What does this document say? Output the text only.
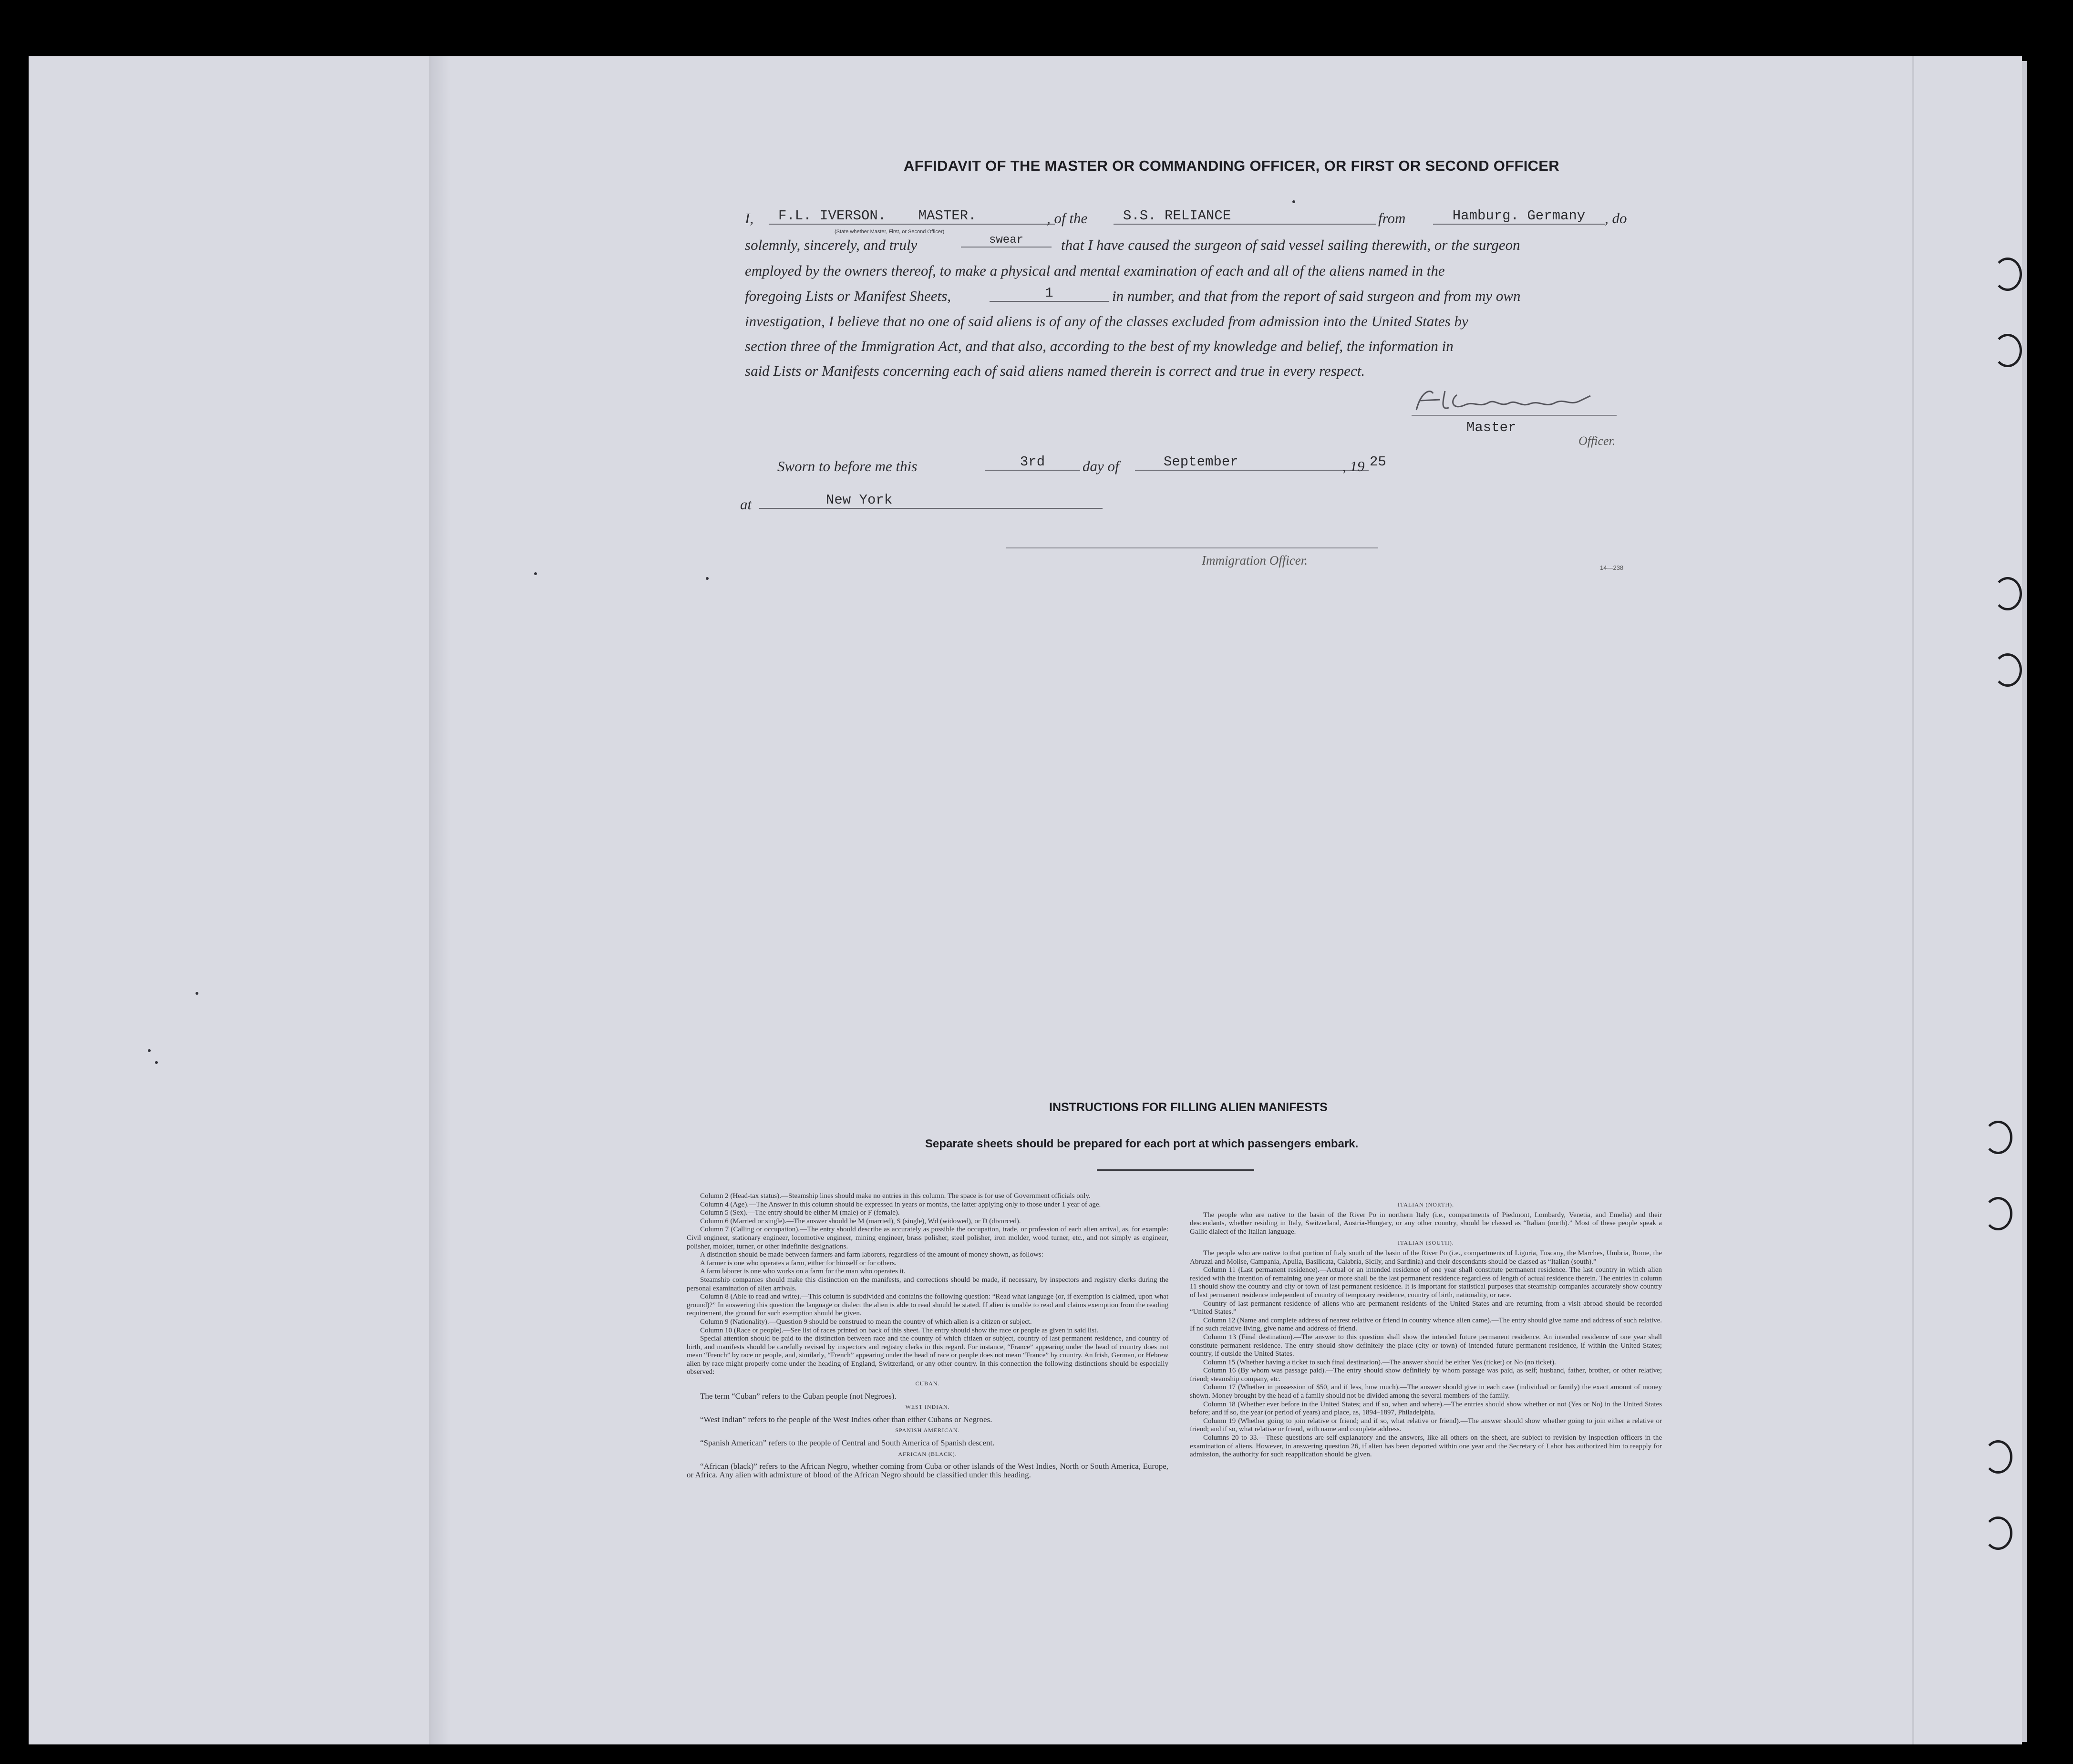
AFFIDAVIT OF THE MASTER OR COMMANDING OFFICER, OR FIRST OR SECOND OFFICER
I,	F.L. IVERSON. MASTER.	, of the	S.S. RELIANCE	from	Hamburg. Germany	, do
(State whether Master, First, or Second Officer)
solemnly, sincerely, and truly	swear	that I have caused the surgeon of said vessel sailing therewith, or the surgeon
employed by the owners thereof, to make a physical and mental examination of each and all of the aliens named in the
foregoing Lists or Manifest Sheets,	1	in number, and that from the report of said surgeon and from my own
investigation, I believe that no one of said aliens is of any of the classes excluded from admission into the United States by
section three of the Immigration Act, and that also, according to the best of my knowledge and belief, the information in
said Lists or Manifests concerning each of said aliens named therein is correct and true in every respect.
Master
Officer.
Sworn to before me this	3rd	day of	September	, 19 25
at	New York
Immigration Officer.
14—238
INSTRUCTIONS FOR FILLING ALIEN MANIFESTS
Separate sheets should be prepared for each port at which passengers embark.

Column 2 (Head-tax status).—Steamship lines should make no entries in this column. The space is for use of Government officials only.

Column 4 (Age).—The Answer in this column should be expressed in years or months, the latter applying only to those under 1 year of age.

Column 5 (Sex).—The entry should be either M (male) or F (female).

Column 6 (Married or single).—The answer should be M (married), S (single), Wd (widowed), or D (divorced).

Column 7 (Calling or occupation).—The entry should describe as accurately as possible the occupation, trade, or profession of each alien arrival, as, for example: Civil engineer, stationary engineer, locomotive engineer, mining engineer, brass polisher, steel polisher, iron molder, wood turner, etc., and not simply as engineer, polisher, molder, turner, or other indefinite designations.

A distinction should be made between farmers and farm laborers, regardless of the amount of money shown, as follows:

A farmer is one who operates a farm, either for himself or for others.

A farm laborer is one who works on a farm for the man who operates it.

Steamship companies should make this distinction on the manifests, and corrections should be made, if necessary, by inspectors and registry clerks during the personal examination of alien arrivals.

Column 8 (Able to read and write).—This column is subdivided and contains the following question: “Read what language (or, if exemption is claimed, upon what ground)?” In answering this question the language or dialect the alien is able to read should be stated. If alien is unable to read and claims exemption from the reading requirement, the ground for such exemption should be given.

Column 9 (Nationality).—Question 9 should be construed to mean the country of which alien is a citizen or subject.

Column 10 (Race or people).—See list of races printed on back of this sheet. The entry should show the race or people as given in said list.

Special attention should be paid to the distinction between race and the country of which citizen or subject, country of last permanent residence, and country of birth, and manifests should be carefully revised by inspectors and registry clerks in this regard. For instance, “France” appearing under the head of country does not mean “French” by race or people, and, similarly, “French” appearing under the head of race or people does not mean “France” by country. An Irish, German, or Hebrew alien by race might properly come under the heading of England, Switzerland, or any other country. In this connection the following distinctions should be especially observed:

CUBAN.

The term “Cuban” refers to the Cuban people (not Negroes).

WEST INDIAN.

“West Indian” refers to the people of the West Indies other than either Cubans or Negroes.

SPANISH AMERICAN.

“Spanish American” refers to the people of Central and South America of Spanish descent.

AFRICAN (BLACK).

“African (black)” refers to the African Negro, whether coming from Cuba or other islands of the West Indies, North or South America, Europe, or Africa. Any alien with admixture of blood of the African Negro should be classified under this heading.

ITALIAN (NORTH).

The people who are native to the basin of the River Po in northern Italy (i.e., compartments of Piedmont, Lombardy, Venetia, and Emelia) and their descendants, whether residing in Italy, Switzerland, Austria-Hungary, or any other country, should be classed as “Italian (north).” Most of these people speak a Gallic dialect of the Italian language.

ITALIAN (SOUTH).

The people who are native to that portion of Italy south of the basin of the River Po (i.e., compartments of Liguria, Tuscany, the Marches, Umbria, Rome, the Abruzzi and Molise, Campania, Apulia, Basilicata, Calabria, Sicily, and Sardinia) and their descendants should be classed as “Italian (south).”

Column 11 (Last permanent residence).—Actual or an intended residence of one year shall constitute permanent residence. The last country in which alien resided with the intention of remaining one year or more shall be the last permanent residence regardless of length of actual residence therein. The entries in column 11 should show the country and city or town of last permanent residence. It is important for statistical purposes that steamship companies accurately show country of last permanent residence independent of country of temporary residence, country of birth, nationality, or race.

Country of last permanent residence of aliens who are permanent residents of the United States and are returning from a visit abroad should be recorded “United States.”

Column 12 (Name and complete address of nearest relative or friend in country whence alien came).—The entry should give name and address of such relative. If no such relative living, give name and address of friend.

Column 13 (Final destination).—The answer to this question shall show the intended future permanent residence. An intended residence of one year shall constitute permanent residence. The entry should show definitely the place (city or town) of intended future permanent residence, if within the United States; country, if outside the United States.

Column 15 (Whether having a ticket to such final destination).—The answer should be either Yes (ticket) or No (no ticket).

Column 16 (By whom was passage paid).—The entry should show definitely by whom passage was paid, as self; husband, father, brother, or other relative; friend; steamship company, etc.

Column 17 (Whether in possession of $50, and if less, how much).—The answer should give in each case (individual or family) the exact amount of money shown. Money brought by the head of a family should not be divided among the several members of the family.

Column 18 (Whether ever before in the United States; and if so, when and where).—The entries should show whether or not (Yes or No) in the United States before; and if so, the year (or period of years) and place, as, 1894–1897, Philadelphia.

Column 19 (Whether going to join relative or friend; and if so, what relative or friend).—The answer should show whether going to join either a relative or friend; and if so, what relative or friend, with name and complete address.

Columns 20 to 33.—These questions are self-explanatory and the answers, like all others on the sheet, are subject to revision by inspection officers in the examination of aliens. However, in answering question 26, if alien has been deported within one year and the Secretary of Labor has authorized him to reapply for admission, the authority for such reapplication should be given.
